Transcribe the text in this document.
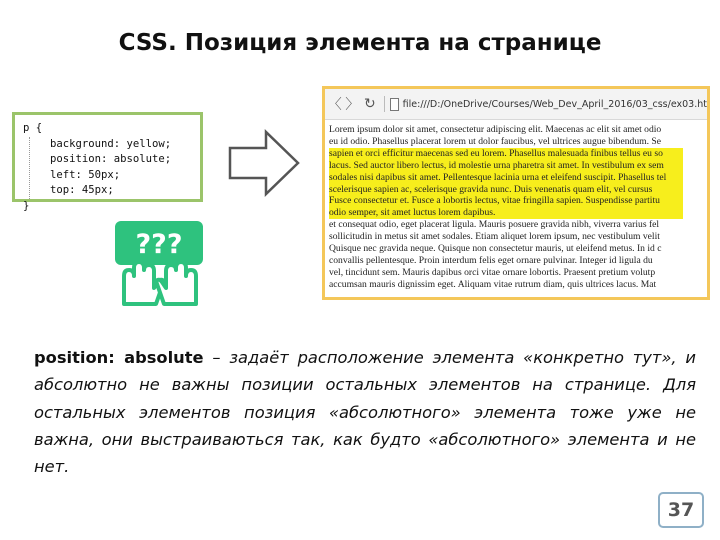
CSS. Позиция элемента на странице
p {
background: yellow;
position: absolute;
left: 50px;
top: 45px;
}
???
〈 〉 ↻	file:///D:/OneDrive/Courses/Web_Dev_April_2016/03_css/ex03.ht
Lorem ipsum dolor sit amet, consectetur adipiscing elit. Maecenas ac elit sit amet odio
eu id odio. Phasellus placerat lorem ut dolor faucibus, vel ultrices augue bibendum. Se
sapien et orci efficitur maecenas sed eu lorem. Phasellus malesuada finibus tellus eu so
lacus. Sed auctor libero lectus, id molestie urna pharetra sit amet. In vestibulum ex sem
sodales nisi dapibus sit amet. Pellentesque lacinia urna et eleifend suscipit. Phasellus tel
scelerisque sapien ac, scelerisque gravida nunc. Duis venenatis quam elit, vel cursus
Fusce consectetur et. Fusce a lobortis lectus, vitae fringilla sapien. Suspendisse partitu
odio semper, sit amet luctus lorem dapibus.
et consequat odio, eget placerat ligula. Mauris posuere gravida nibh, viverra varius fel
sollicitudin in metus sit amet sodales. Etiam aliquet lorem ipsum, nec vestibulum velit
Quisque nec gravida neque. Quisque non consectetur mauris, ut eleifend metus. In id c
convallis pellentesque. Proin interdum felis eget ornare pulvinar. Integer id ligula du
vel, tincidunt sem. Mauris dapibus orci vitae ornare lobortis. Praesent pretium volutp
accumsan mauris dignissim eget. Aliquam vitae rutrum diam, quis ultrices lacus. Mat
position: absolute – задаёт расположение элемента «конкретно тут», и абсолютно не важны позиции остальных элементов на странице. Для остальных элементов позиция «абсолютного» элемента тоже уже не важна, они выстраиваються так, как будто «абсолютного» элемента и не нет.
37
